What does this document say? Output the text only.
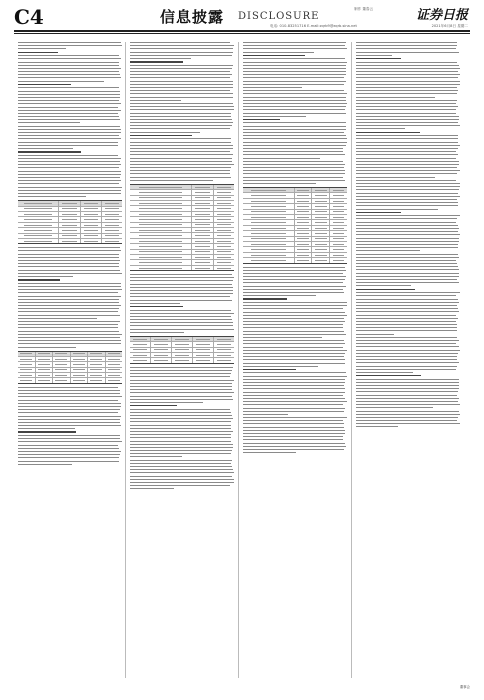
C4	信息披露 DISCLOSURE
电话: 010-83251716 E-mail:zqrb9@zqrb.sina.net
制作 董春云	证券日报
2021年6月8日 星期二
董事会
